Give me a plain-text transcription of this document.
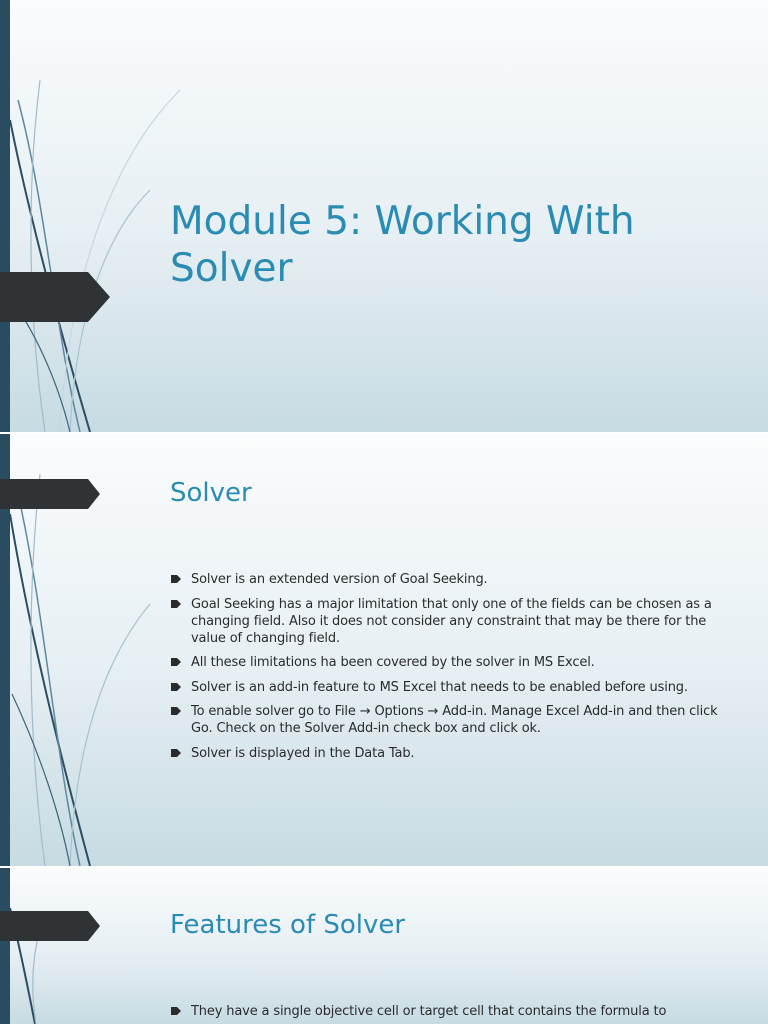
Module 5: Working With Solver
Solver
Solver is an extended version of Goal Seeking.
Goal Seeking has a major limitation that only one of the fields can be chosen as a changing field. Also it does not consider any constraint that may be there for the value of changing field.
All these limitations ha been covered by the solver in MS Excel.
Solver is an add-in feature to MS Excel that needs to be enabled before using.
To enable solver go to File → Options → Add-in. Manage Excel Add-in and then click Go. Check on the Solver Add-in check box and click ok.
Solver is displayed in the Data Tab.
Features of Solver
They have a single objective cell or target cell that contains the formula to
